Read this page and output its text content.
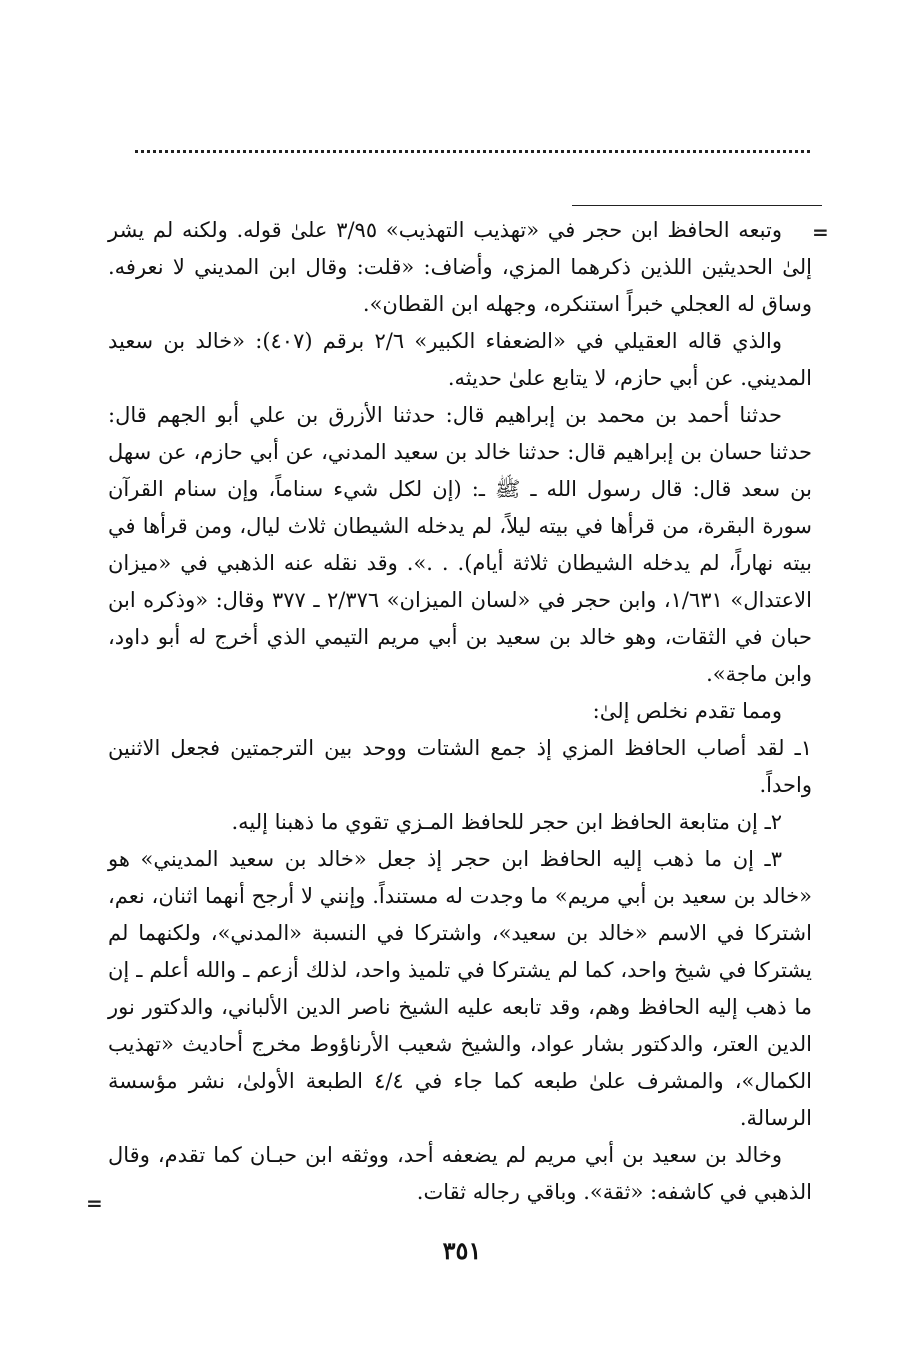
=

وتبعه الحافظ ابن حجر في «تهذيب التهذيب» ٣/٩٥ علىٰ قوله. ولكنه لم يشر إلىٰ الحديثين اللذين ذكرهما المزي، وأضاف: «قلت: وقال ابن المديني لا نعرفه. وساق له العجلي خبراً استنكره، وجهله ابن القطان».

والذي قاله العقيلي في «الضعفاء الكبير» ٢/٦ برقم (٤٠٧): «خالد بن سعيد المديني. عن أبي حازم، لا يتابع علىٰ حديثه.

حدثنا أحمد بن محمد بن إبراهيم قال: حدثنا الأزرق بن علي أبو الجهم قال: حدثنا حسان بن إبراهيم قال: حدثنا خالد بن سعيد المدني، عن أبي حازم، عن سهل بن سعد قال: قال رسول الله ـ ﷺ ـ: (إن لكل شيء سناماً، وإن سنام القرآن سورة البقرة، من قرأها في بيته ليلاً، لم يدخله الشيطان ثلاث ليال، ومن قرأها في بيته نهاراً، لم يدخله الشيطان ثلاثة أيام). . .». وقد نقله عنه الذهبي في «ميزان الاعتدال» ١/٦٣١، وابن حجر في «لسان الميزان» ٢/٣٧٦ ـ ٣٧٧ وقال: «وذكره ابن حبان في الثقات، وهو خالد بن سعيد بن أبي مريم التيمي الذي أخرج له أبو داود، وابن ماجة».

ومما تقدم نخلص إلىٰ:

١ـ لقد أصاب الحافظ المزي إذ جمع الشتات ووحد بين الترجمتين فجعل الاثنين واحداً.

٢ـ إن متابعة الحافظ ابن حجر للحافظ المـزي تقوي ما ذهبنا إليه.

٣ـ إن ما ذهب إليه الحافظ ابن حجر إذ جعل «خالد بن سعيد المديني» هو «خالد بن سعيد بن أبي مريم» ما وجدت له مستنداً. وإنني لا أرجح أنهما اثنان، نعم، اشتركا في الاسم «خالد بن سعيد»، واشتركا في النسبة «المدني»، ولكنهما لم يشتركا في شيخ واحد، كما لم يشتركا في تلميذ واحد، لذلك أزعم ـ والله أعلم ـ إن ما ذهب إليه الحافظ وهم، وقد تابعه عليه الشيخ ناصر الدين الألباني، والدكتور نور الدين العتر، والدكتور بشار عواد، والشيخ شعيب الأرناؤوط مخرج أحاديث «تهذيب الكمال»، والمشرف علىٰ طبعه كما جاء في ٤/٤ الطبعة الأولىٰ، نشر مؤسسة الرسالة.

وخالد بن سعيد بن أبي مريم لم يضعفه أحد، ووثقه ابن حبـان كما تقدم، وقال الذهبي في كاشفه: «ثقة». وباقي رجاله ثقات.

=
٣٥١
